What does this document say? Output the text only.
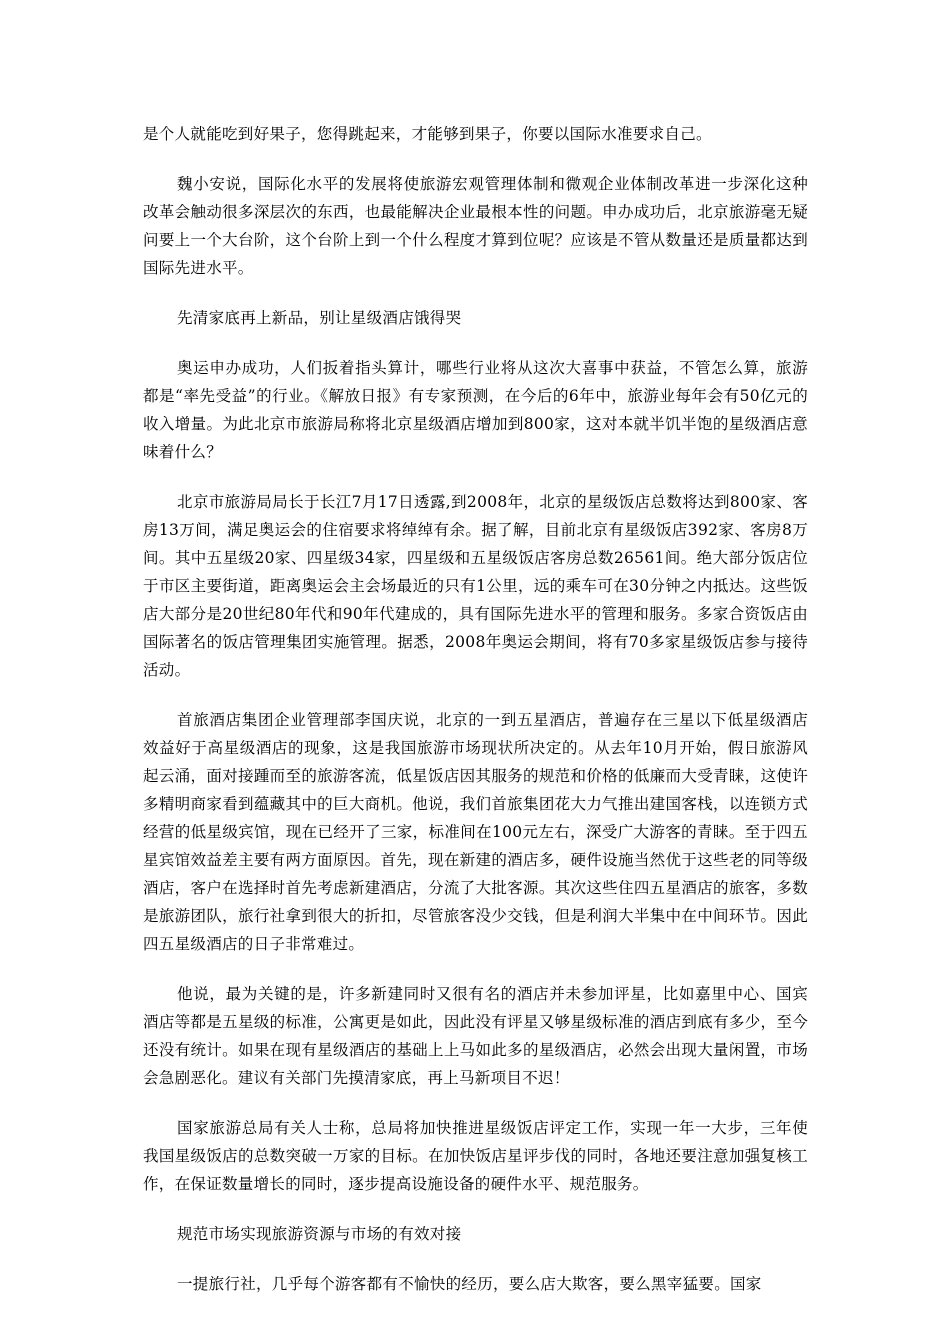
是个人就能吃到好果子，您得跳起来，才能够到果子，你要以国际水准要求自己。

魏小安说，国际化水平的发展将使旅游宏观管理体制和微观企业体制改革进一步深化这种改革会触动很多深层次的东西，也最能解决企业最根本性的问题。申办成功后，北京旅游毫无疑问要上一个大台阶，这个台阶上到一个什么程度才算到位呢？应该是不管从数量还是质量都达到国际先进水平。

先清家底再上新品，别让星级酒店饿得哭

奥运申办成功，人们扳着指头算计，哪些行业将从这次大喜事中获益，不管怎么算，旅游都是“率先受益”的行业。《解放日报》有专家预测，在今后的6年中，旅游业每年会有50亿元的收入增量。为此北京市旅游局称将北京星级酒店增加到800家，这对本就半饥半饱的星级酒店意味着什么？

北京市旅游局局长于长江7月17日透露,到2008年，北京的星级饭店总数将达到800家、客房13万间，满足奥运会的住宿要求将绰绰有余。据了解，目前北京有星级饭店392家、客房8万间。其中五星级20家、四星级34家，四星级和五星级饭店客房总数26561间。绝大部分饭店位于市区主要街道，距离奥运会主会场最近的只有1公里，远的乘车可在30分钟之内抵达。这些饭店大部分是20世纪80年代和90年代建成的，具有国际先进水平的管理和服务。多家合资饭店由国际著名的饭店管理集团实施管理。据悉，2008年奥运会期间，将有70多家星级饭店参与接待活动。

首旅酒店集团企业管理部李国庆说，北京的一到五星酒店，普遍存在三星以下低星级酒店效益好于高星级酒店的现象，这是我国旅游市场现状所决定的。从去年10月开始，假日旅游风起云涌，面对接踵而至的旅游客流，低星饭店因其服务的规范和价格的低廉而大受青睐，这使许多精明商家看到蕴藏其中的巨大商机。他说，我们首旅集团花大力气推出建国客栈，以连锁方式经营的低星级宾馆，现在已经开了三家，标准间在100元左右，深受广大游客的青睐。至于四五星宾馆效益差主要有两方面原因。首先，现在新建的酒店多，硬件设施当然优于这些老的同等级酒店，客户在选择时首先考虑新建酒店，分流了大批客源。其次这些住四五星酒店的旅客，多数是旅游团队，旅行社拿到很大的折扣，尽管旅客没少交钱，但是利润大半集中在中间环节。因此四五星级酒店的日子非常难过。

他说，最为关键的是，许多新建同时又很有名的酒店并未参加评星，比如嘉里中心、国宾酒店等都是五星级的标准，公寓更是如此，因此没有评星又够星级标准的酒店到底有多少，至今还没有统计。如果在现有星级酒店的基础上上马如此多的星级酒店，必然会出现大量闲置，市场会急剧恶化。建议有关部门先摸清家底，再上马新项目不迟！

国家旅游总局有关人士称，总局将加快推进星级饭店评定工作，实现一年一大步，三年使我国星级饭店的总数突破一万家的目标。在加快饭店星评步伐的同时，各地还要注意加强复核工作，在保证数量增长的同时，逐步提高设施设备的硬件水平、规范服务。

规范市场实现旅游资源与市场的有效对接

一提旅行社，几乎每个游客都有不愉快的经历，要么店大欺客，要么黑宰猛要。国家
